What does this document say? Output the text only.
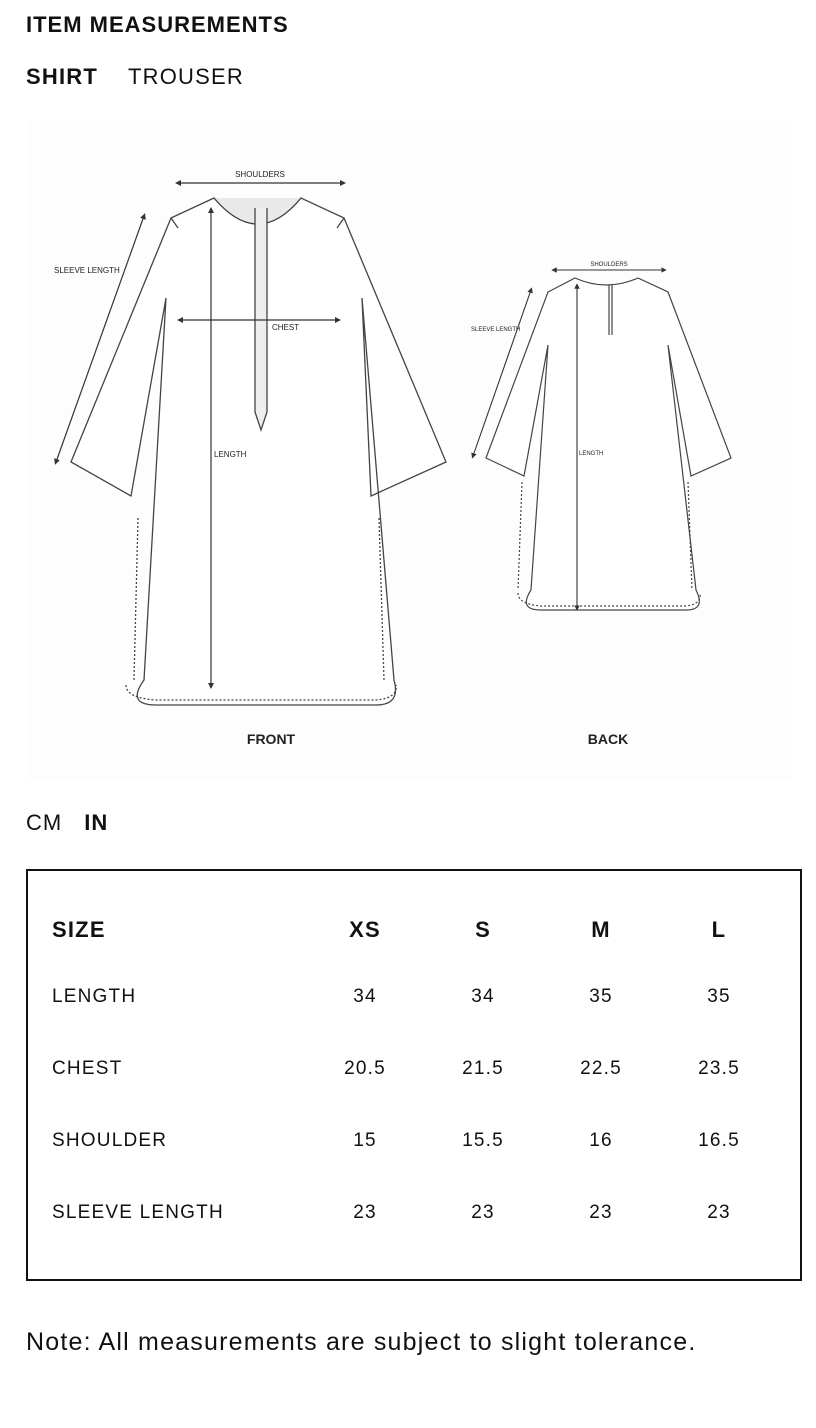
ITEM MEASUREMENTS
SHIRT TROUSER
SHOULDERS
SLEEVE LENGTH
CHEST
LENGTH
FRONT
SHOULDERS
SLEEVE LENGTH
LENGTH
BACK
CM IN
SIZE	XS	S	M	L
LENGTH	34	34	35	35
CHEST	20.5	21.5	22.5	23.5
SHOULDER	15	15.5	16	16.5
SLEEVE LENGTH	23	23	23	23
Note: All measurements are subject to slight tolerance.
